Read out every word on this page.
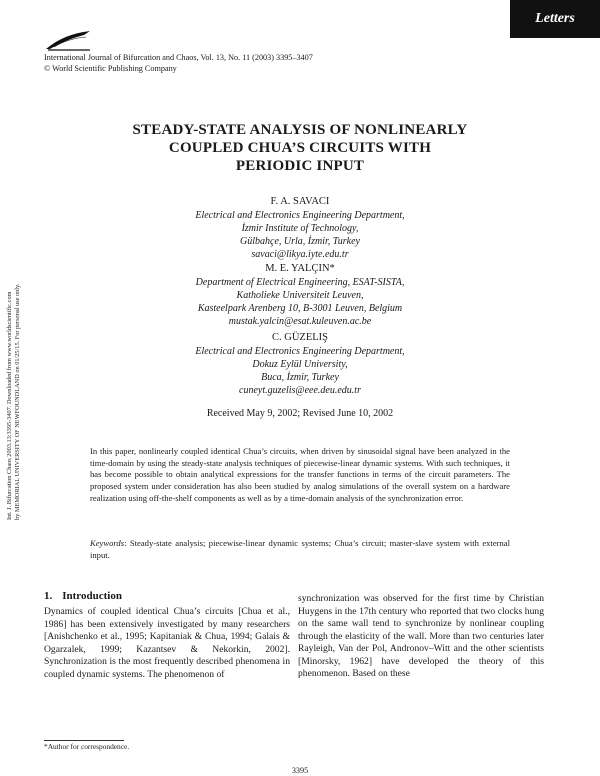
Letters
International Journal of Bifurcation and Chaos, Vol. 13, No. 11 (2003) 3395–3407
© World Scientific Publishing Company
Int. J. Bifurcation Chaos 2003.13:3395-3407. Downloaded from www.worldscientific.com by MEMORIAL UNIVERSITY OF NEWFOUNDLAND on 01/25/15. For personal use only.
STEADY-STATE ANALYSIS OF NONLINEARLY
COUPLED CHUA’S CIRCUITS WITH
PERIODIC INPUT
F. A. SAVACI
Electrical and Electronics Engineering Department,
İzmir Institute of Technology,
Gülbahçe, Urla, İzmir, Turkey
savaci@likya.iyte.edu.tr
M. E. YALÇIN*
Department of Electrical Engineering, ESAT-SISTA,
Katholieke Universiteit Leuven,
Kasteelpark Arenberg 10, B-3001 Leuven, Belgium
mustak.yalcin@esat.kuleuven.ac.be
C. GÜZELIŞ
Electrical and Electronics Engineering Department,
Dokuz Eylül University,
Buca, İzmir, Turkey
cuneyt.guzelis@eee.deu.edu.tr
Received May 9, 2002; Revised June 10, 2002
In this paper, nonlinearly coupled identical Chua’s circuits, when driven by sinusoidal signal have been analyzed in the time-domain by using the steady-state analysis techniques of piecewise-linear dynamic systems. With such techniques, it has become possible to obtain analytical expressions for the transfer functions in terms of the circuit parameters. The proposed system under consideration has also been studied by analog simulations of the overall system on a hardware realization using off-the-shelf components as well as by a time-domain analysis of the synchronization error.
Keywords: Steady-state analysis; piecewise-linear dynamic systems; Chua’s circuit; master-slave system with external input.
1. Introduction
Dynamics of coupled identical Chua’s circuits [Chua et al., 1986] has been extensively investigated by many researchers [Anishchenko et al., 1995; Kapitaniak & Chua, 1994; Galais & Ogarzalek, 1999; Kazantsev & Nekorkin, 2002]. Synchronization is the most frequently described phenomena in coupled dynamic systems. The phenomenon of
synchronization was observed for the first time by Christian Huygens in the 17th century who reported that two clocks hung on the same wall tend to synchronize by nonlinear coupling through the elasticity of the wall. More than two centuries later Rayleigh, Van der Pol, Andronov–Witt and the other scientists [Minorsky, 1962] have developed the theory of this phenomenon. Based on these
*Author for correspondence.
3395
